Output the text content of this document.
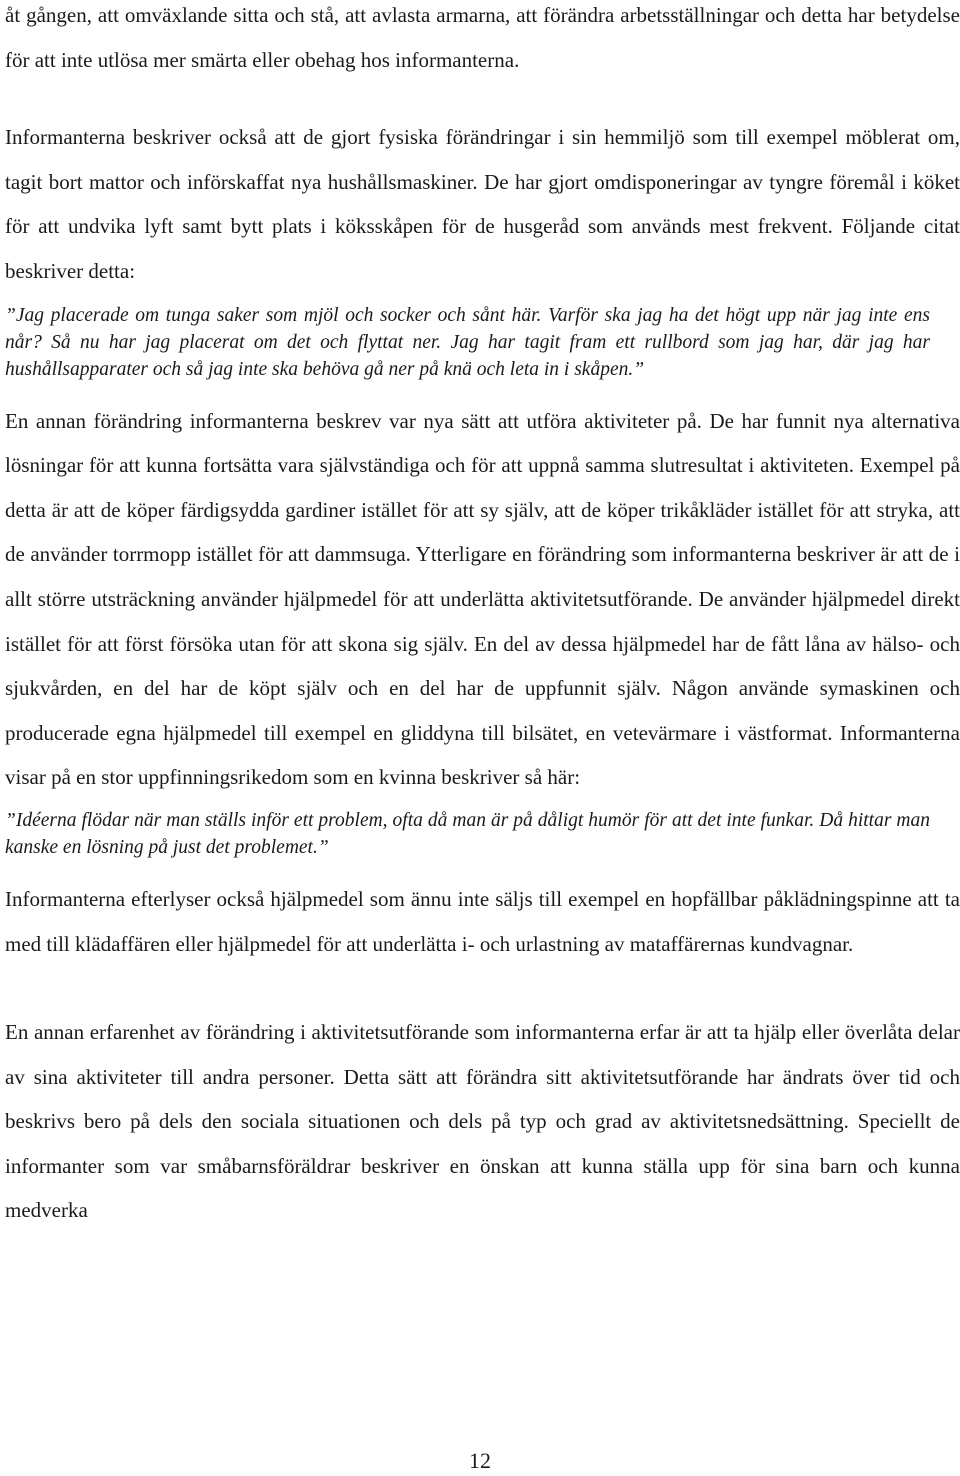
åt gången, att omväxlande sitta och stå, att avlasta armarna, att förändra arbetsställningar och detta har betydelse för att inte utlösa mer smärta eller obehag hos informanterna.

Informanterna beskriver också att de gjort fysiska förändringar i sin hemmiljö som till exempel möblerat om, tagit bort mattor och införskaffat nya hushållsmaskiner. De har gjort omdisponeringar av tyngre föremål i köket för att undvika lyft samt bytt plats i köksskåpen för de husgeråd som används mest frekvent. Följande citat beskriver detta:

”Jag placerade om tunga saker som mjöl och socker och sånt här. Varför ska jag ha det högt upp när jag inte ens når? Så nu har jag placerat om det och flyttat ner. Jag har tagit fram ett rullbord som jag har, där jag har hushållsapparater och så jag inte ska behöva gå ner på knä och leta in i skåpen.”

En annan förändring informanterna beskrev var nya sätt att utföra aktiviteter på. De har funnit nya alternativa lösningar för att kunna fortsätta vara självständiga och för att uppnå samma slutresultat i aktiviteten. Exempel på detta är att de köper färdigsydda gardiner istället för att sy själv, att de köper trikåkläder istället för att stryka, att de använder torrmopp istället för att dammsuga. Ytterligare en förändring som informanterna beskriver är att de i allt större utsträckning använder hjälpmedel för att underlätta aktivitetsutförande. De använder hjälpmedel direkt istället för att först försöka utan för att skona sig själv. En del av dessa hjälpmedel har de fått låna av hälso- och sjukvården, en del har de köpt själv och en del har de uppfunnit själv. Någon använde symaskinen och producerade egna hjälpmedel till exempel en gliddyna till bilsätet, en vetevärmare i västformat. Informanterna visar på en stor uppfinningsrikedom som en kvinna beskriver så här:

”Idéerna flödar när man ställs inför ett problem, ofta då man är på dåligt humör för att det inte funkar. Då hittar man kanske en lösning på just det problemet.”

Informanterna efterlyser också hjälpmedel som ännu inte säljs till exempel en hopfällbar påklädningspinne att ta med till klädaffären eller hjälpmedel för att underlätta i- och urlastning av mataffärernas kundvagnar.

En annan erfarenhet av förändring i aktivitetsutförande som informanterna erfar är att ta hjälp eller överlåta delar av sina aktiviteter till andra personer. Detta sätt att förändra sitt aktivitetsutförande har ändrats över tid och beskrivs bero på dels den sociala situationen och dels på typ och grad av aktivitetsnedsättning. Speciellt de informanter som var småbarnsföräldrar beskriver en önskan att kunna ställa upp för sina barn och kunna medverka

12
